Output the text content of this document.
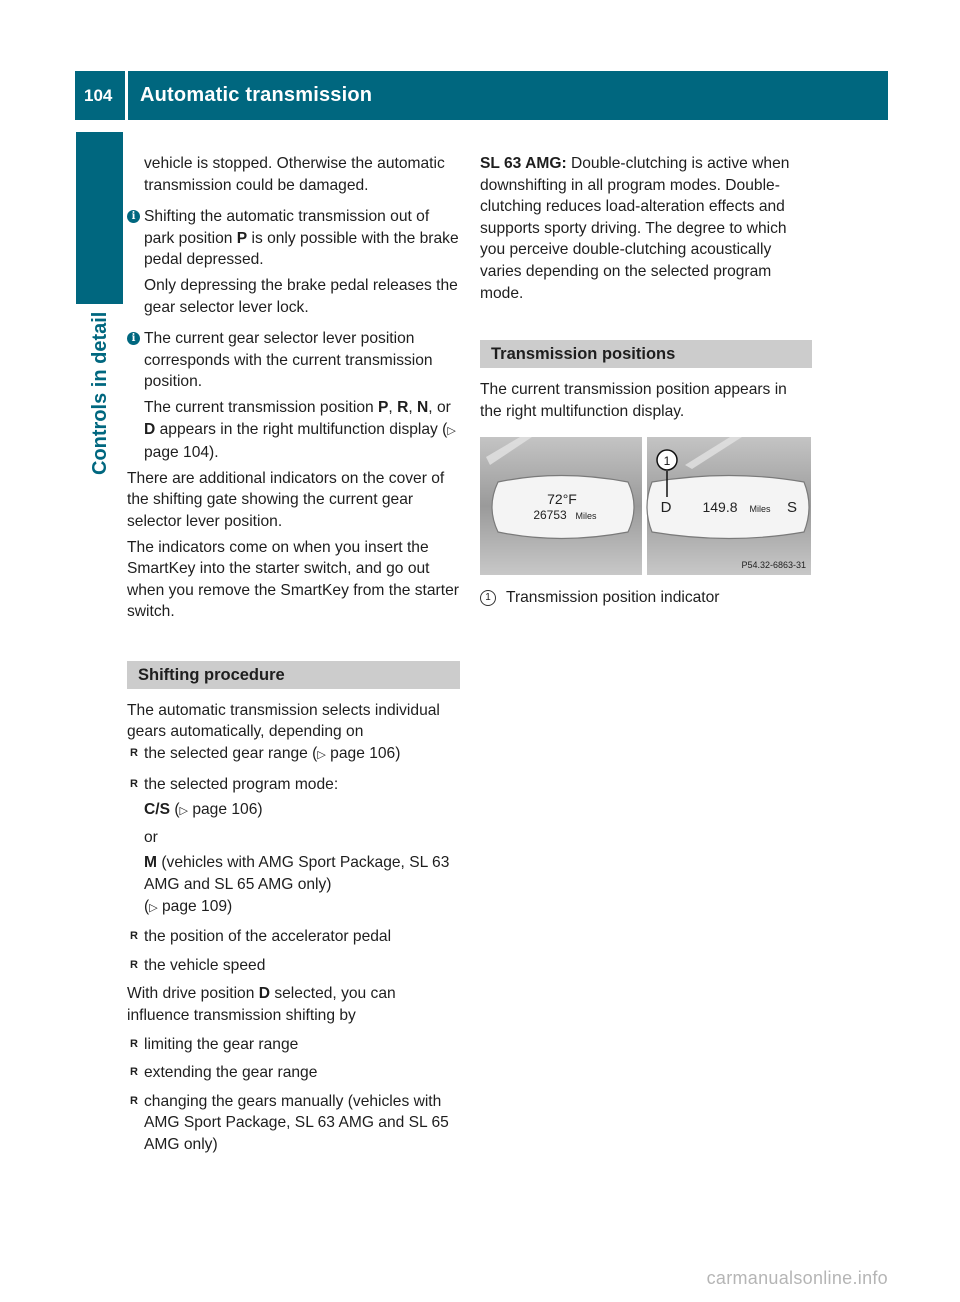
104 Automatic transmission
Controls in detail

vehicle is stopped. Otherwise the automatic transmission could be damaged.

i Shifting the automatic transmission out of park position P is only possible with the brake pedal depressed.

Only depressing the brake pedal releases the gear selector lever lock.

i The current gear selector lever position corresponds with the current transmission position.

The current transmission position P, R, N, or D appears in the right multifunction display (▷ page 104).

There are additional indicators on the cover of the shifting gate showing the current gear selector lever position.

The indicators come on when you insert the SmartKey into the starter switch, and go out when you remove the SmartKey from the starter switch.

Shifting procedure

The automatic transmission selects individual gears automatically, depending on

R the selected gear range (▷ page 106)
R the selected program mode:

C/S (▷ page 106)

or

M (vehicles with AMG Sport Package, SL 63 AMG and SL 65 AMG only)
(▷ page 109)

R the position of the accelerator pedal
R the vehicle speed

With drive position D selected, you can influence transmission shifting by

R limiting the gear range
R extending the gear range
R changing the gears manually (vehicles with AMG Sport Package, SL 63 AMG and SL 65 AMG only)

SL 63 AMG: Double-clutching is active when downshifting in all program modes. Double-clutching reduces load-alteration effects and supports sporty driving. The degree to which you perceive double-clutching acoustically varies depending on the selected program mode.

Transmission positions

The current transmission position appears in the right multifunction display.

72°F
26753 Miles	D 149.8 Miles S
1
P54.32-6863-31
1 Transmission position indicator
carmanualsonline.info
